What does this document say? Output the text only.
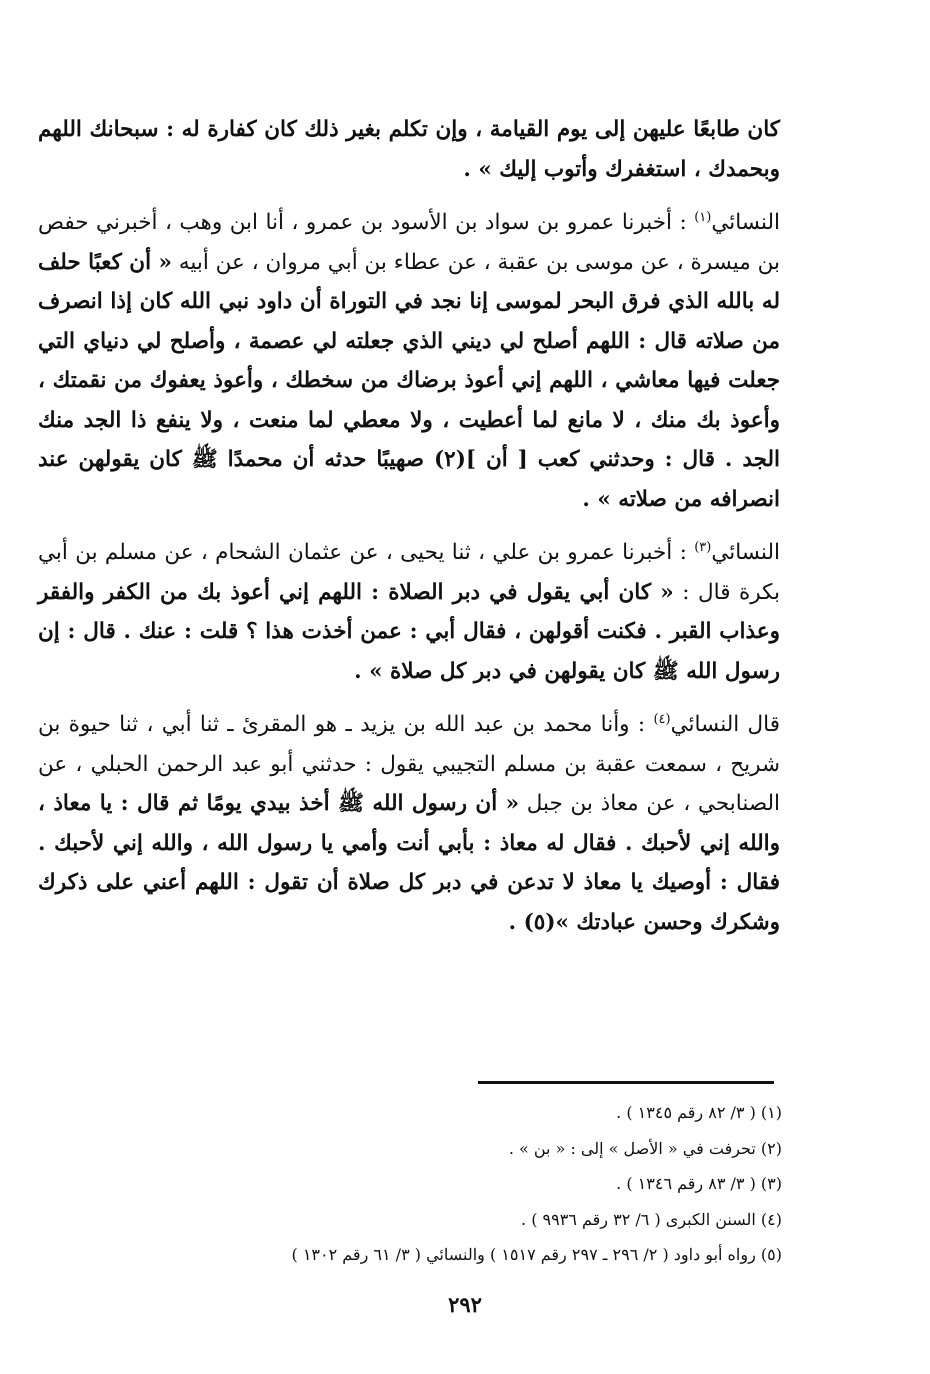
كان طابعًا عليهن إلى يوم القيامة ، وإن تكلم بغير ذلك كان كفارة له : سبحانك اللهم وبحمدك ، استغفرك وأتوب إليك » .

النسائي$^{(١)}$ : أخبرنا عمرو بن سواد بن الأسود بن عمرو ، أنا ابن وهب ، أخبرني حفص بن ميسرة ، عن موسى بن عقبة ، عن عطاء بن أبي مروان ، عن أبيه « أن كعبًا حلف له بالله الذي فرق البحر لموسى إنا نجد في التوراة أن داود نبي الله كان إذا انصرف من صلاته قال : اللهم أصلح لي ديني الذي جعلته لي عصمة ، وأصلح لي دنياي التي جعلت فيها معاشي ، اللهم إني أعوذ برضاك من سخطك ، وأعوذ يعفوك من نقمتك ، وأعوذ بك منك ، لا مانع لما أعطيت ، ولا معطي لما منعت ، ولا ينفع ذا الجد منك الجد . قال : وحدثني كعب [ أن ](٢) صهيبًا حدثه أن محمدًا ﷺ كان يقولهن عند انصرافه من صلاته » .

النسائي$^{(٣)}$ : أخبرنا عمرو بن علي ، ثنا يحيى ، عن عثمان الشحام ، عن مسلم بن أبي بكرة قال : « كان أبي يقول في دبر الصلاة : اللهم إني أعوذ بك من الكفر والفقر وعذاب القبر . فكنت أقولهن ، فقال أبي : عمن أخذت هذا ؟ قلت : عنك . قال : إن رسول الله ﷺ كان يقولهن في دبر كل صلاة » .

قال النسائي$^{(٤)}$ : وأنا محمد بن عبد الله بن يزيد ـ هو المقرئ ـ ثنا أبي ، ثنا حيوة بن شريح ، سمعت عقبة بن مسلم التجيبي يقول : حدثني أبو عبد الرحمن الحبلي ، عن الصنابحي ، عن معاذ بن جبل « أن رسول الله ﷺ أخذ بيدي يومًا ثم قال : يا معاذ ، والله إني لأحبك . فقال له معاذ : بأبي أنت وأمي يا رسول الله ، والله إني لأحبك . فقال : أوصيك يا معاذ لا تدعن في دبر كل صلاة أن تقول : اللهم أعني على ذكرك وشكرك وحسن عبادتك »(٥) .

(١) ( ٣/ ٨٢ رقم ١٣٤٥ ) .
(٢) تحرفت في « الأصل » إلى : « بن » .
(٣) ( ٣/ ٨٣ رقم ١٣٤٦ ) .
(٤) السنن الكبرى ( ٦/ ٣٢ رقم ٩٩٣٦ ) .
(٥) رواه أبو داود ( ٢/ ٢٩٦ ـ ٢٩٧ رقم ١٥١٧ ) والنسائي ( ٣/ ٦١ رقم ١٣٠٢ )
٢٩٢
